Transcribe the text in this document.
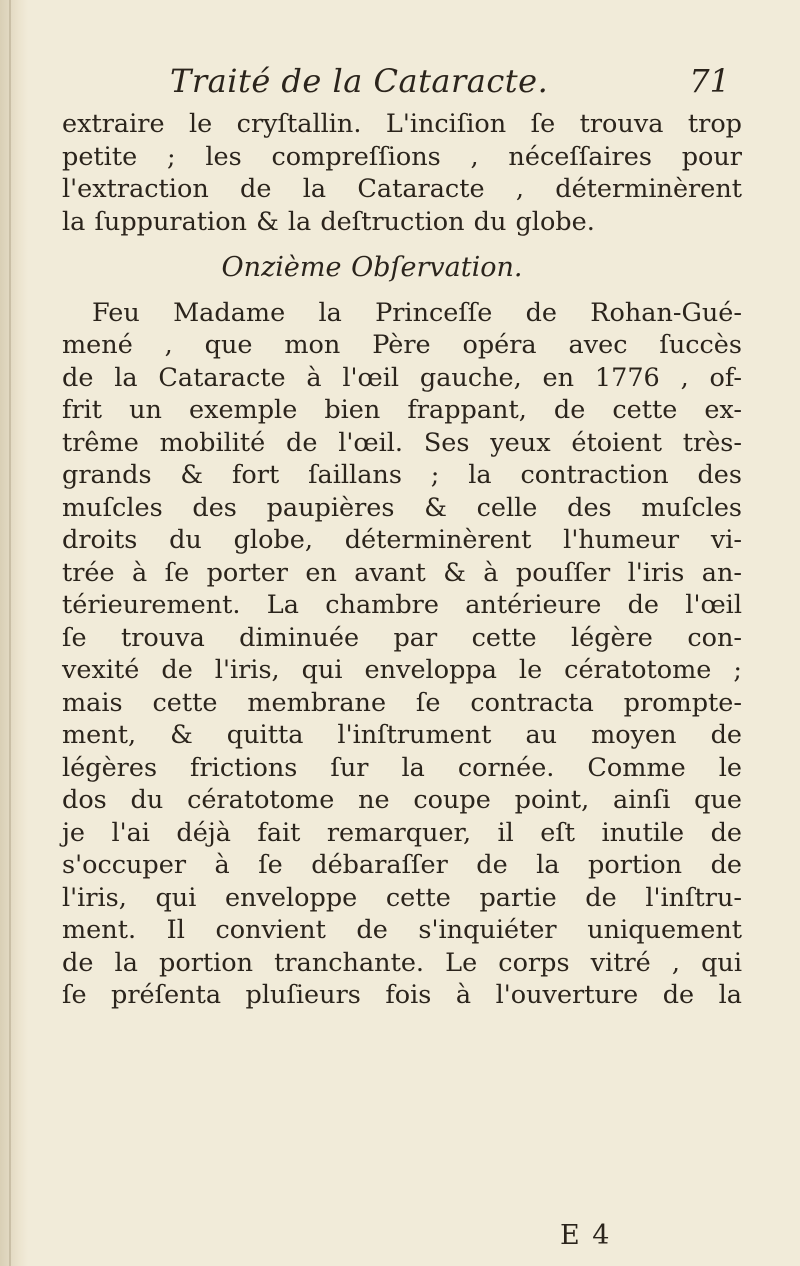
Traité de la Cataracte.	71
extraire le cryſtallin. L'inciſion ſe trouva trop
petite ; les compreſſions , néceſſaires pour
l'extraction de la Cataracte , déterminèrent
la ſuppuration & la deſtruction du globe.
Onzième Obſervation.
Feu Madame la Princeſſe de Rohan-Gué-
mené , que mon Père opéra avec ſuccès
de la Cataracte à l'œil gauche, en 1776 , of-
frit un exemple bien frappant, de cette ex-
trême mobilité de l'œil. Ses yeux étoient très-
grands & fort ſaillans ; la contraction des
muſcles des paupières & celle des muſcles
droits du globe, déterminèrent l'humeur vi-
trée à ſe porter en avant & à pouſſer l'iris an-
térieurement. La chambre antérieure de l'œil
ſe trouva diminuée par cette légère con-
vexité de l'iris, qui enveloppa le cératotome ;
mais cette membrane ſe contracta prompte-
ment, & quitta l'inſtrument au moyen de
légères frictions ſur la cornée. Comme le
dos du cératotome ne coupe point, ainſi que
je l'ai déjà fait remarquer, il eſt inutile de
s'occuper à ſe débaraſſer de la portion de
l'iris, qui enveloppe cette partie de l'inſtru-
ment. Il convient de s'inquiéter uniquement
de la portion tranchante. Le corps vitré , qui
ſe préſenta pluſieurs fois à l'ouverture de la
E 4
